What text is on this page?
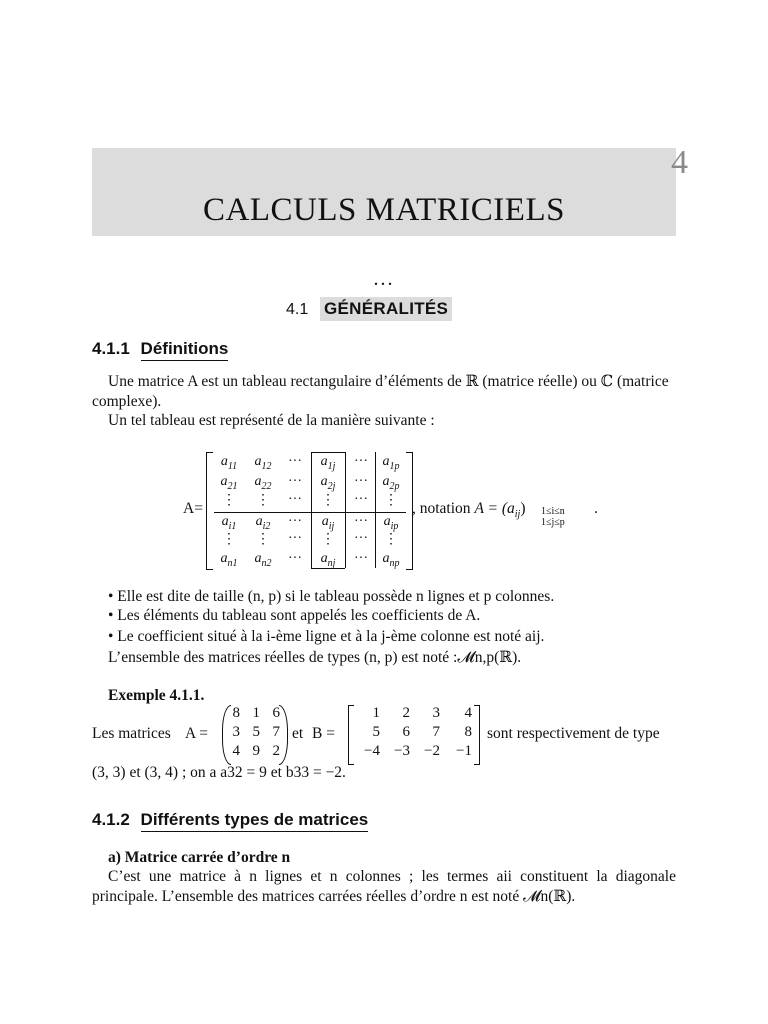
4
CALCULS MATRICIELS
...
4.1 GÉNÉRALITÉS
4.1.1 Définitions
Une matrice A est un tableau rectangulaire d’éléments de ℝ (matrice réelle) ou ℂ (matrice complexe).
Un tel tableau est représenté de la manière suivante :
A=
$a_{11}$	$a_{12}$	···	$a_{1j}$	···	$a_{1p}$
$a_{21}$	$a_{22}$	···	$a_{2j}$	···	$a_{2p}$
⋮	⋮	···	⋮	···	⋮
$a_{i1}$	$a_{i2}$	···	$a_{ij}$	···	$a_{ip}$
⋮	⋮	···	⋮	···	⋮
$a_{n1}$	$a_{n2}$	···	$a_{nj}$	···	$a_{np}$
, notation $A = (a_{ij})$ 1≤i≤n
1≤j≤p
.
• Elle est dite de taille (n, p) si le tableau possède n lignes et p colonnes.
• Les éléments du tableau sont appelés les coefficients de A.
• Le coefficient situé à la i-ème ligne et à la j-ème colonne est noté aij.
L’ensemble des matrices réelles de types (n, p) est noté :𝓜n,p(ℝ).
Exemple 4.1.1.
Les matrices A =
8 1 6
3 5 7
4 9 2
et B =
1	2	3	4
5	6	7	8
−4 −3 −2 −1
sont respectivement de type
(3, 3) et (3, 4) ; on a a32 = 9 et b33 = −2.
4.1.2 Différents types de matrices
a) Matrice carrée d’ordre n
C’est une matrice à n lignes et n colonnes ; les termes aii constituent la diagonale principale. L’ensemble des matrices carrées réelles d’ordre n est noté 𝓜n(ℝ).
